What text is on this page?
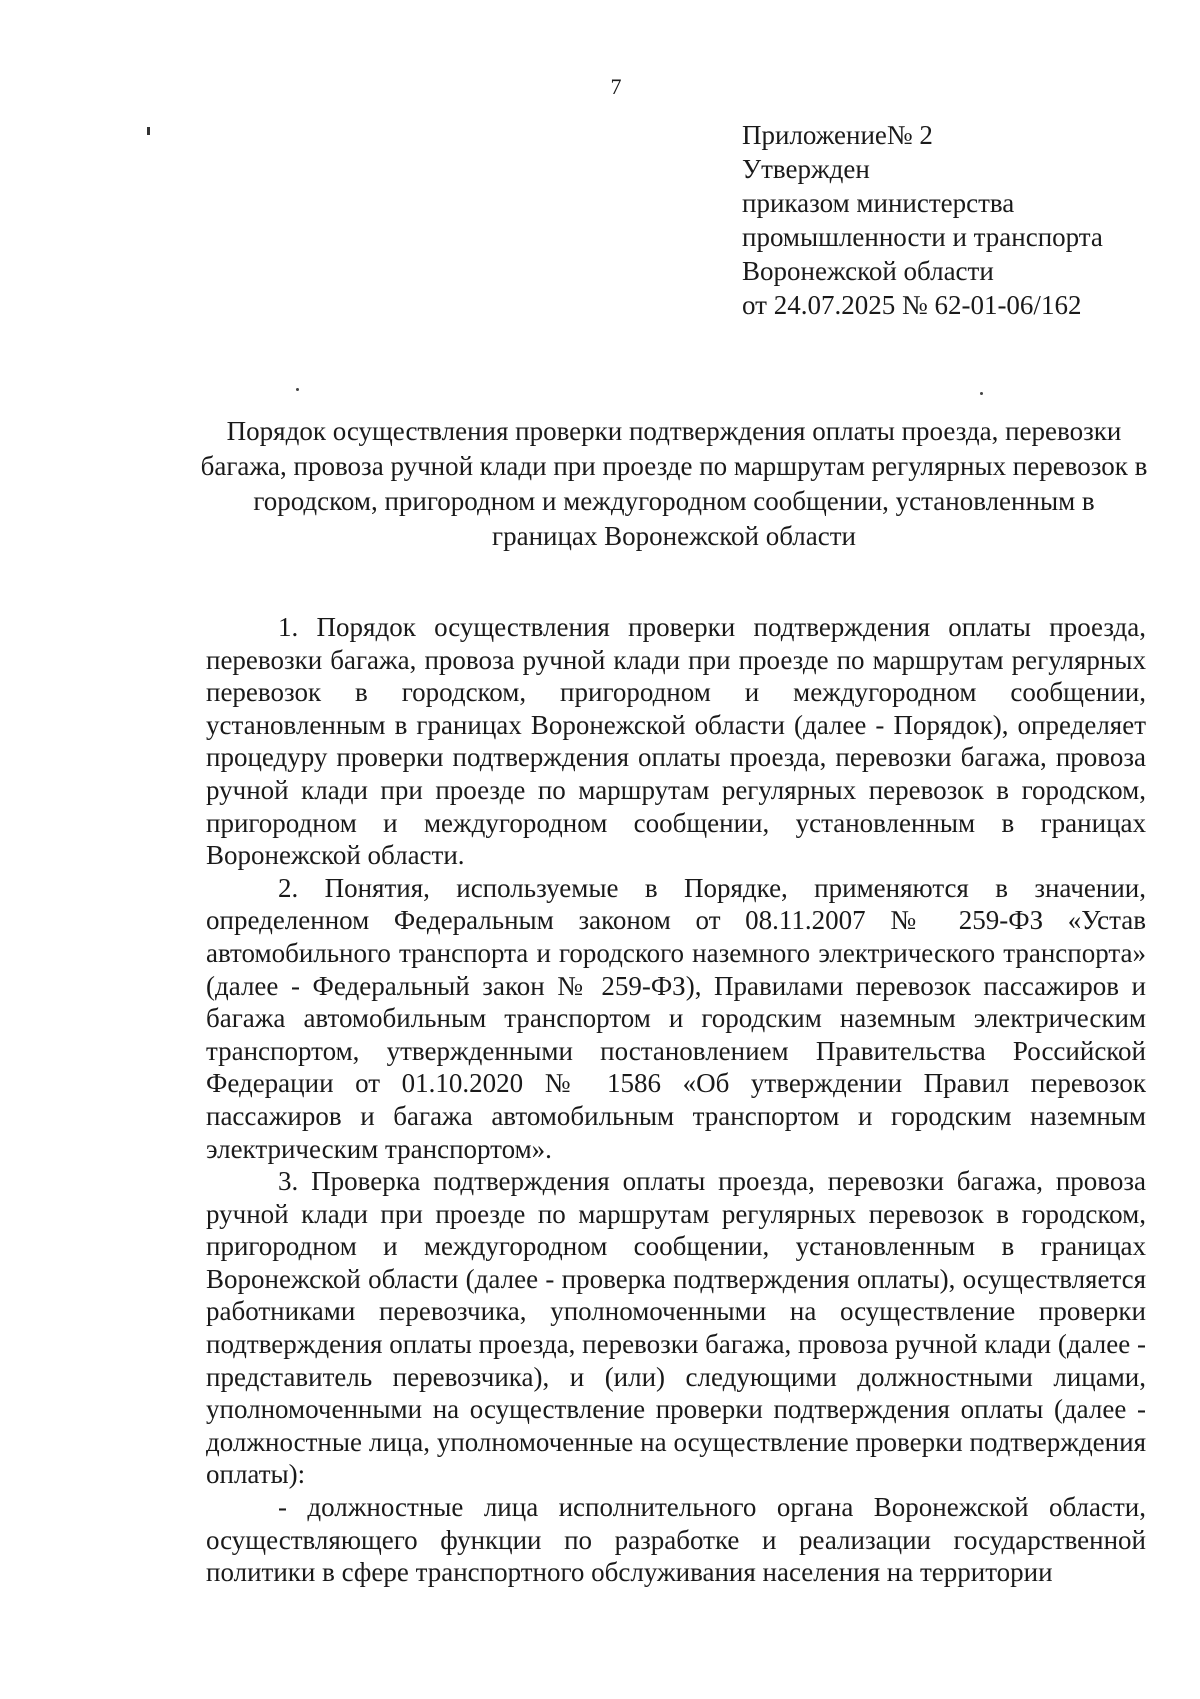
7

Приложение№ 2

Утвержден

приказом министерства

промышленности и транспорта

Воронежской области

от 24.07.2025 № 62-01-06/162

Порядок осуществления проверки подтверждения оплаты проезда, перевозки багажа, провоза ручной клади при проезде по маршрутам регулярных перевозок в городском, пригородном и междугородном сообщении, установленным в границах Воронежской области

1. Порядок осуществления проверки подтверждения оплаты проезда, перевозки багажа, провоза ручной клади при проезде по маршрутам регулярных перевозок в городском, пригородном и междугородном сообщении, установленным в границах Воронежской области (далее - Порядок), определяет процедуру проверки подтверждения оплаты проезда, перевозки багажа, провоза ручной клади при проезде по маршрутам регулярных перевозок в городском, пригородном и междугородном сообщении, установленным в границах Воронежской области.

2. Понятия, используемые в Порядке, применяются в значении, определенном Федеральным законом от 08.11.2007 № 259-ФЗ «Устав автомобильного транспорта и городского наземного электрического транспорта» (далее - Федеральный закон № 259-ФЗ), Правилами перевозок пассажиров и багажа автомобильным транспортом и городским наземным электрическим транспортом, утвержденными постановлением Правительства Российской Федерации от 01.10.2020 № 1586 «Об утверждении Правил перевозок пассажиров и багажа автомобильным транспортом и городским наземным электрическим транспортом».

3. Проверка подтверждения оплаты проезда, перевозки багажа, провоза ручной клади при проезде по маршрутам регулярных перевозок в городском, пригородном и междугородном сообщении, установленным в границах Воронежской области (далее - проверка подтверждения оплаты), осуществляется работниками перевозчика, уполномоченными на осуществление проверки подтверждения оплаты проезда, перевозки багажа, провоза ручной клади (далее - представитель перевозчика), и (или) следующими должностными лицами, уполномоченными на осуществление проверки подтверждения оплаты (далее - должностные лица, уполномоченные на осуществление проверки подтверждения оплаты):

- должностные лица исполнительного органа Воронежской области, осуществляющего функции по разработке и реализации государственной политики в сфере транспортного обслуживания населения на территории
